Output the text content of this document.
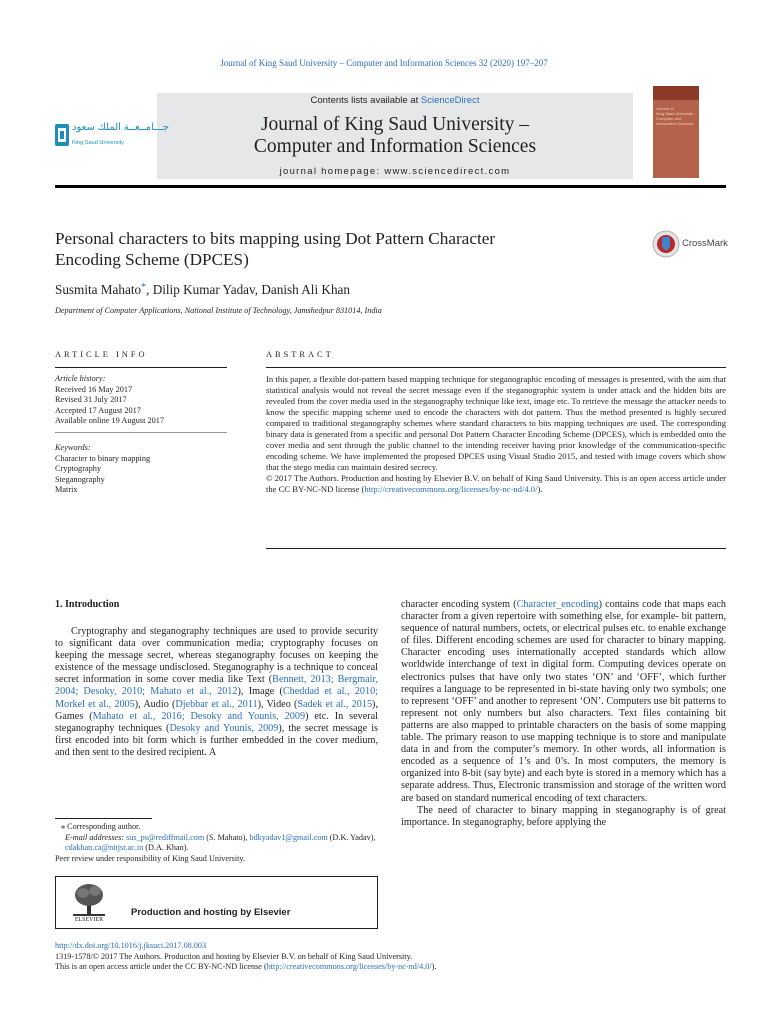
Journal of King Saud University – Computer and Information Sciences 32 (2020) 197–207
Contents lists available at ScienceDirect
Journal of King Saud University –
Computer and Information Sciences
journal homepage: www.sciencedirect.com
جـــامــعــة الملك سعود
King Saud University
Journal of
King Saud University –
Computer and
Information Sciences
Personal characters to bits mapping using Dot Pattern Character
Encoding Scheme (DPCES)
CrossMark
Susmita Mahato*, Dilip Kumar Yadav, Danish Ali Khan
Department of Computer Applications, National Institute of Technology, Jamshedpur 831014, India
ARTICLE INFO
Article history:
Received 16 May 2017
Revised 31 July 2017
Accepted 17 August 2017
Available online 19 August 2017
Keywords:
Character to binary mapping
Cryptography
Steganography
Matrix
ABSTRACT
In this paper, a flexible dot-pattern based mapping technique for steganographic encoding of messages is presented, with the aim that statistical analysis would not reveal the secret message even if the steganographic system is under attack and the hidden bits are revealed from the cover media used in the steganography technique like text, image etc. To retrieve the message the attacker needs to know the specific mapping scheme used to encode the characters with dot pattern. Thus the method presented is highly secured compared to traditional steganography schemes where standard characters to bits mapping techniques are used. The corresponding binary data is generated from a specific and personal Dot Pattern Character Encoding Scheme (DPCES), which is embedded onto the cover media and sent through the public channel to the intending receiver having prior knowledge of the communication-specific encoding scheme. We have implemented the proposed DPCES using Visual Studio 2015, and tested with image covers which show that the stego media can maintain desired secrecy.
© 2017 The Authors. Production and hosting by Elsevier B.V. on behalf of King Saud University. This is an open access article under the CC BY-NC-ND license (http://creativecommons.org/licenses/by-nc-nd/4.0/).
1. Introduction

Cryptography and steganography techniques are used to provide security to significant data over communication media; cryptography focuses on keeping the message secret, whereas steganography focuses on keeping the existence of the message undisclosed. Steganography is a technique to conceal secret information in some cover media like Text (Bennett, 2013; Bergmair, 2004; Desoky, 2010; Mahato et al., 2012), Image (Cheddad et al., 2010; Morkel et al., 2005), Audio (Djebbar et al., 2011), Video (Sadek et al., 2015), Games (Mahato et al., 2016; Desoky and Younis, 2009) etc. In several steganography techniques (Desoky and Younis, 2009), the secret message is first encoded into bit form which is further embedded in the cover medium, and then sent to the desired recipient. A

character encoding system (Character_encoding) contains code that maps each character from a given repertoire with something else, for example- bit pattern, sequence of natural numbers, octets, or electrical pulses etc. to enable exchange of files. Different encoding schemes are used for character to binary mapping. Character encoding uses internationally accepted standards which allow worldwide interchange of text in digital form. Computing devices operate on electronics pulses that have only two states ‘ON’ and ‘OFF’, which further requires a language to be represented in bi-state having only two symbols; one to represent ‘OFF’ and another to represent ‘ON’. Computers use bit patterns to represent not only numbers but also characters. Text files containing bit patterns are also mapped to printable characters on the basis of some mapping table. The primary reason to use mapping technique is to store and manipulate data in and from the computer’s memory. In other words, all information is encoded as a sequence of 1’s and 0’s. In most computers, the memory is organized into 8-bit (say byte) and each byte is stored in a memory which has a separate address. Thus, Electronic transmission and storage of the written word are based on standard numerical encoding of text characters.

The need of character to binary mapping in steganography is of great importance. In steganography, before applying the

⁎ Corresponding author.
E-mail addresses: sus_ps@rediffmail.com (S. Mahato), bdkyadav1@gmail.com (D.K. Yadav), cdakhan.ca@nitjsr.ac.in (D.A. Khan).
Peer review under responsibility of King Saud University.
ELSEVIER
Production and hosting by Elsevier
http://dx.doi.org/10.1016/j.jksuci.2017.08.003
1319-1578/© 2017 The Authors. Production and hosting by Elsevier B.V. on behalf of King Saud University.
This is an open access article under the CC BY-NC-ND license (http://creativecommons.org/licenses/by-nc-nd/4.0/).
